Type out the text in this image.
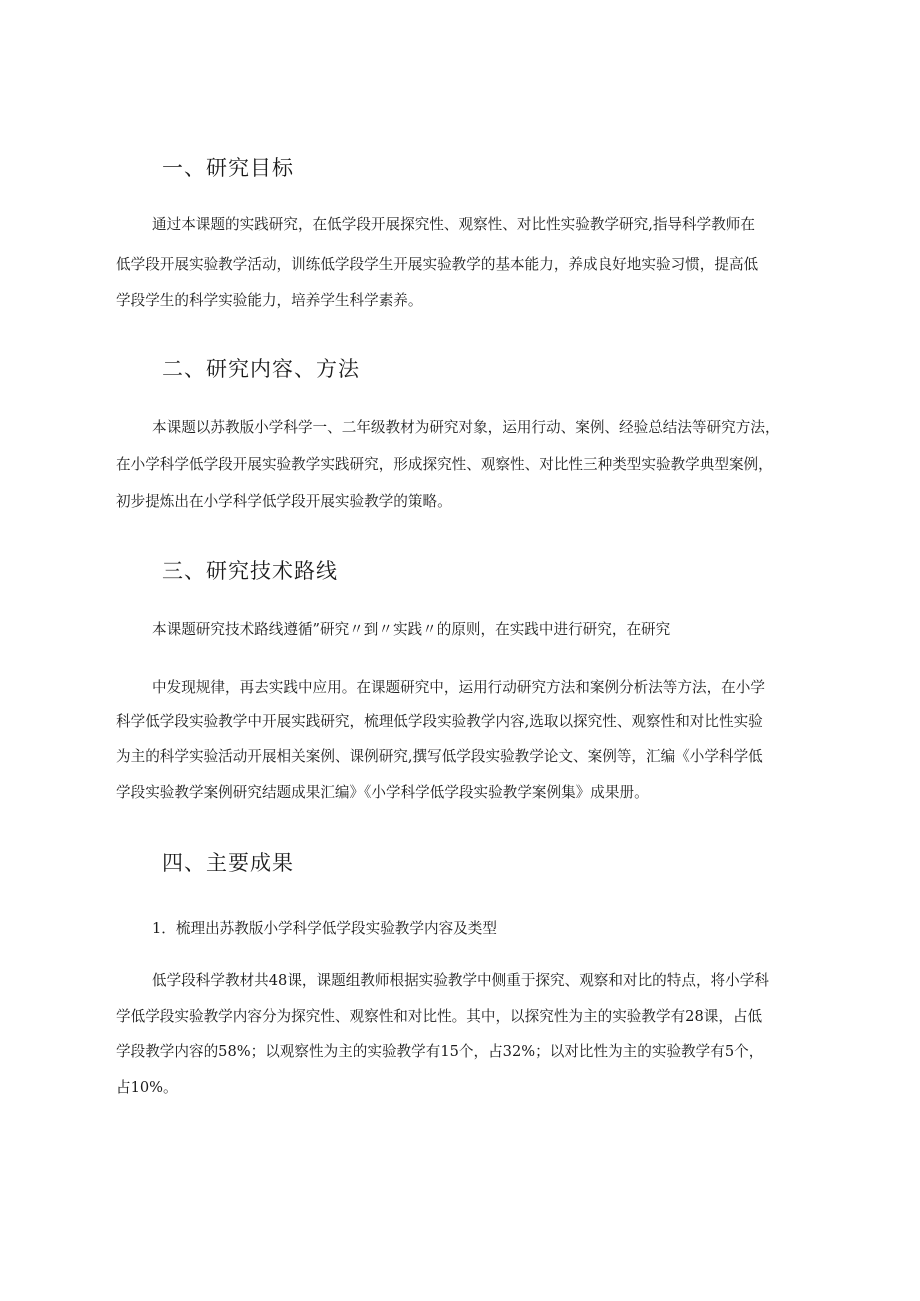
一、研究目标

通过本课题的实践研究，在低学段开展探究性、观察性、对比性实验教学研究,指导科学教师在

低学段开展实验教学活动，训练低学段学生开展实验教学的基本能力，养成良好地实验习惯，提高低

学段学生的科学实验能力，培养学生科学素养。

二、研究内容、方法

本课题以苏教版小学科学一、二年级教材为研究对象，运用行动、案例、经验总结法等研究方法，

在小学科学低学段开展实验教学实践研究，形成探究性、观察性、对比性三种类型实验教学典型案例，

初步提炼出在小学科学低学段开展实验教学的策略。

三、研究技术路线

本课题研究技术路线遵循”研究〃到〃实践〃的原则，在实践中进行研究，在研究

中发现规律，再去实践中应用。在课题研究中，运用行动研究方法和案例分析法等方法，在小学

科学低学段实验教学中开展实践研究，梳理低学段实验教学内容,选取以探究性、观察性和对比性实验

为主的科学实验活动开展相关案例、课例研究,撰写低学段实验教学论文、案例等，汇编《小学科学低

学段实验教学案例研究结题成果汇编》《小学科学低学段实验教学案例集》成果册。

四、主要成果

1．梳理出苏教版小学科学低学段实验教学内容及类型

低学段科学教材共48课，课题组教师根据实验教学中侧重于探究、观察和对比的特点，将小学科

学低学段实验教学内容分为探究性、观察性和对比性。其中，以探究性为主的实验教学有28课，占低

学段教学内容的58%；以观察性为主的实验教学有15个，占32%；以对比性为主的实验教学有5个，

占10%。
